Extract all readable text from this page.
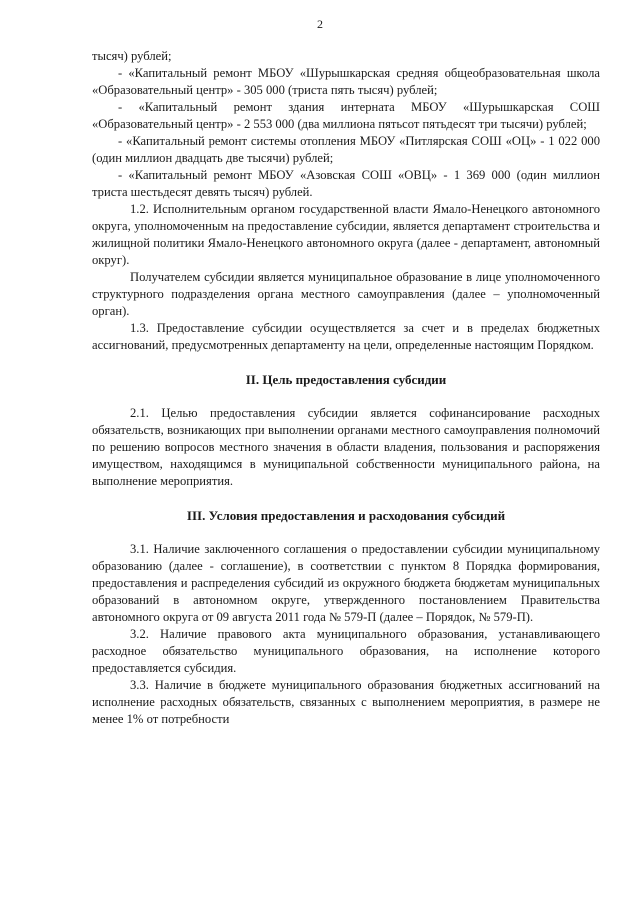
2

тысяч) рублей;

- «Капитальный ремонт МБОУ «Шурышкарская средняя общеобразовательная школа «Образовательный центр» - 305 000 (триста пять тысяч) рублей;

- «Капитальный ремонт здания интерната МБОУ «Шурышкарская СОШ «Образовательный центр» - 2 553 000 (два миллиона пятьсот пятьдесят три тысячи) рублей;

- «Капитальный ремонт системы отопления МБОУ «Питлярская СОШ «ОЦ» - 1 022 000 (один миллион двадцать две тысячи) рублей;

- «Капитальный ремонт МБОУ «Азовская СОШ «ОВЦ» - 1 369 000 (один миллион триста шестьдесят девять тысяч) рублей.

1.2. Исполнительным органом государственной власти Ямало-Ненецкого автономного округа, уполномоченным на предоставление субсидии, является департамент строительства и жилищной политики Ямало-Ненецкого автономного округа (далее - департамент, автономный округ).

Получателем субсидии является муниципальное образование в лице уполномоченного структурного подразделения органа местного самоуправления (далее – уполномоченный орган).

1.3. Предоставление субсидии осуществляется за счет и в пределах бюджетных ассигнований, предусмотренных департаменту на цели, определенные настоящим Порядком.

II. Цель предоставления субсидии

2.1. Целью предоставления субсидии является софинансирование расходных обязательств, возникающих при выполнении органами местного самоуправления полномочий по решению вопросов местного значения в области владения, пользования и распоряжения имуществом, находящимся в муниципальной собственности муниципального района, на выполнение мероприятия.

III. Условия предоставления и расходования субсидий

3.1. Наличие заключенного соглашения о предоставлении субсидии муниципальному образованию (далее - соглашение), в соответствии с пунктом 8 Порядка формирования, предоставления и распределения субсидий из окружного бюджета бюджетам муниципальных образований в автономном округе, утвержденного постановлением Правительства автономного округа от 09 августа 2011 года № 579-П (далее – Порядок, № 579-П).

3.2. Наличие правового акта муниципального образования, устанавливающего расходное обязательство муниципального образования, на исполнение которого предоставляется субсидия.

3.3. Наличие в бюджете муниципального образования бюджетных ассигнований на исполнение расходных обязательств, связанных с выполнением мероприятия, в размере не менее 1% от потребности
